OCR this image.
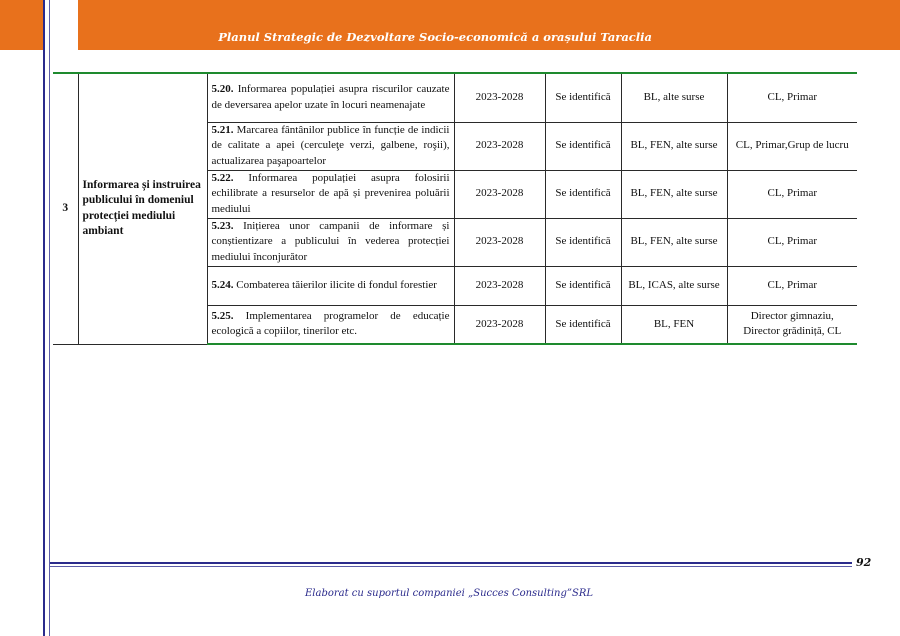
Planul Strategic de Dezvoltare Socio-economică a orașului Taraclia
3	Informarea și instruirea publicului în domeniul protecției mediului ambiant	5.20. Informarea populației asupra riscurilor cauzate de deversarea apelor uzate în locuri neamenajate	2023-2028	Se identifică	BL, alte surse	CL, Primar
		5.21. Marcarea fântânilor publice în funcție de indicii de calitate a apei (cerculeţe verzi, galbene, roşii), actualizarea paşapoartelor	2023-2028	Se identifică	BL, FEN, alte surse	CL, Primar,Grup de lucru
		5.22. Informarea populației asupra folosirii echilibrate a resurselor de apă și prevenirea poluării mediului	2023-2028	Se identifică	BL, FEN, alte surse	CL, Primar
		5.23. Inițierea unor campanii de informare și conștientizare a publicului în vederea protecției mediului înconjurător	2023-2028	Se identifică	BL, FEN, alte surse	CL, Primar
		5.24. Combaterea tăierilor ilicite di fondul forestier	2023-2028	Se identifică	BL, ICAS, alte surse	CL, Primar
		5.25. Implementarea programelor de educație ecologică a copiilor, tinerilor etc.	2023-2028	Se identifică	BL, FEN	Director gimnaziu, Director grădiniță, CL
92
Elaborat cu suportul companiei „Succes Consulting”SRL
